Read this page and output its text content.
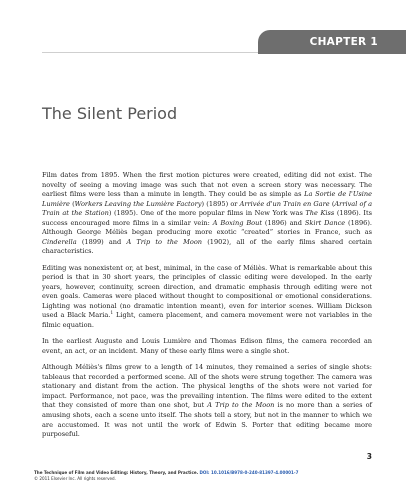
CHAPTER 1
The Silent Period

Film dates from 1895. When the first motion pictures were created, editing did not exist. The novelty of seeing a moving image was such that not even a screen story was necessary. The earliest films were less than a minute in length. They could be as simple as La Sortie de l'Usine Lumière (Workers Leaving the Lumière Factory) (1895) or Arrivée d'un Train en Gare (Arrival of a Train at the Station) (1895). One of the more popular films in New York was The Kiss (1896). Its success encouraged more films in a similar vein: A Boxing Bout (1896) and Skirt Dance (1896). Although George Méliès began producing more exotic “created” stories in France, such as Cinderella (1899) and A Trip to the Moon (1902), all of the early films shared certain characteristics.

Editing was nonexistent or, at best, minimal, in the case of Méliès. What is remarkable about this period is that in 30 short years, the principles of classic editing were developed. In the early years, however, continuity, screen direction, and dramatic emphasis through editing were not even goals. Cameras were placed without thought to compositional or emotional considerations. Lighting was notional (no dramatic intention meant), even for interior scenes. William Dickson used a Black Maria.$^1$ Light, camera placement, and camera movement were not variables in the filmic equation.

In the earliest Auguste and Louis Lumière and Thomas Edison films, the camera recorded an event, an act, or an incident. Many of these early films were a single shot.

Although Méliès's films grew to a length of 14 minutes, they remained a series of single shots: tableaus that recorded a performed scene. All of the shots were strung together. The camera was stationary and distant from the action. The physical lengths of the shots were not varied for impact. Performance, not pace, was the prevailing intention. The films were edited to the extent that they consisted of more than one shot, but A Trip to the Moon is no more than a series of amusing shots, each a scene unto itself. The shots tell a story, but not in the manner to which we are accustomed. It was not until the work of Edwin S. Porter that editing became more purposeful.

3
The Technique of Film and Video Editing: History, Theory, and Practice. DOI: 10.1016/B978-0-240-81397-4.00001-7
© 2011 Elsevier Inc. All rights reserved.
